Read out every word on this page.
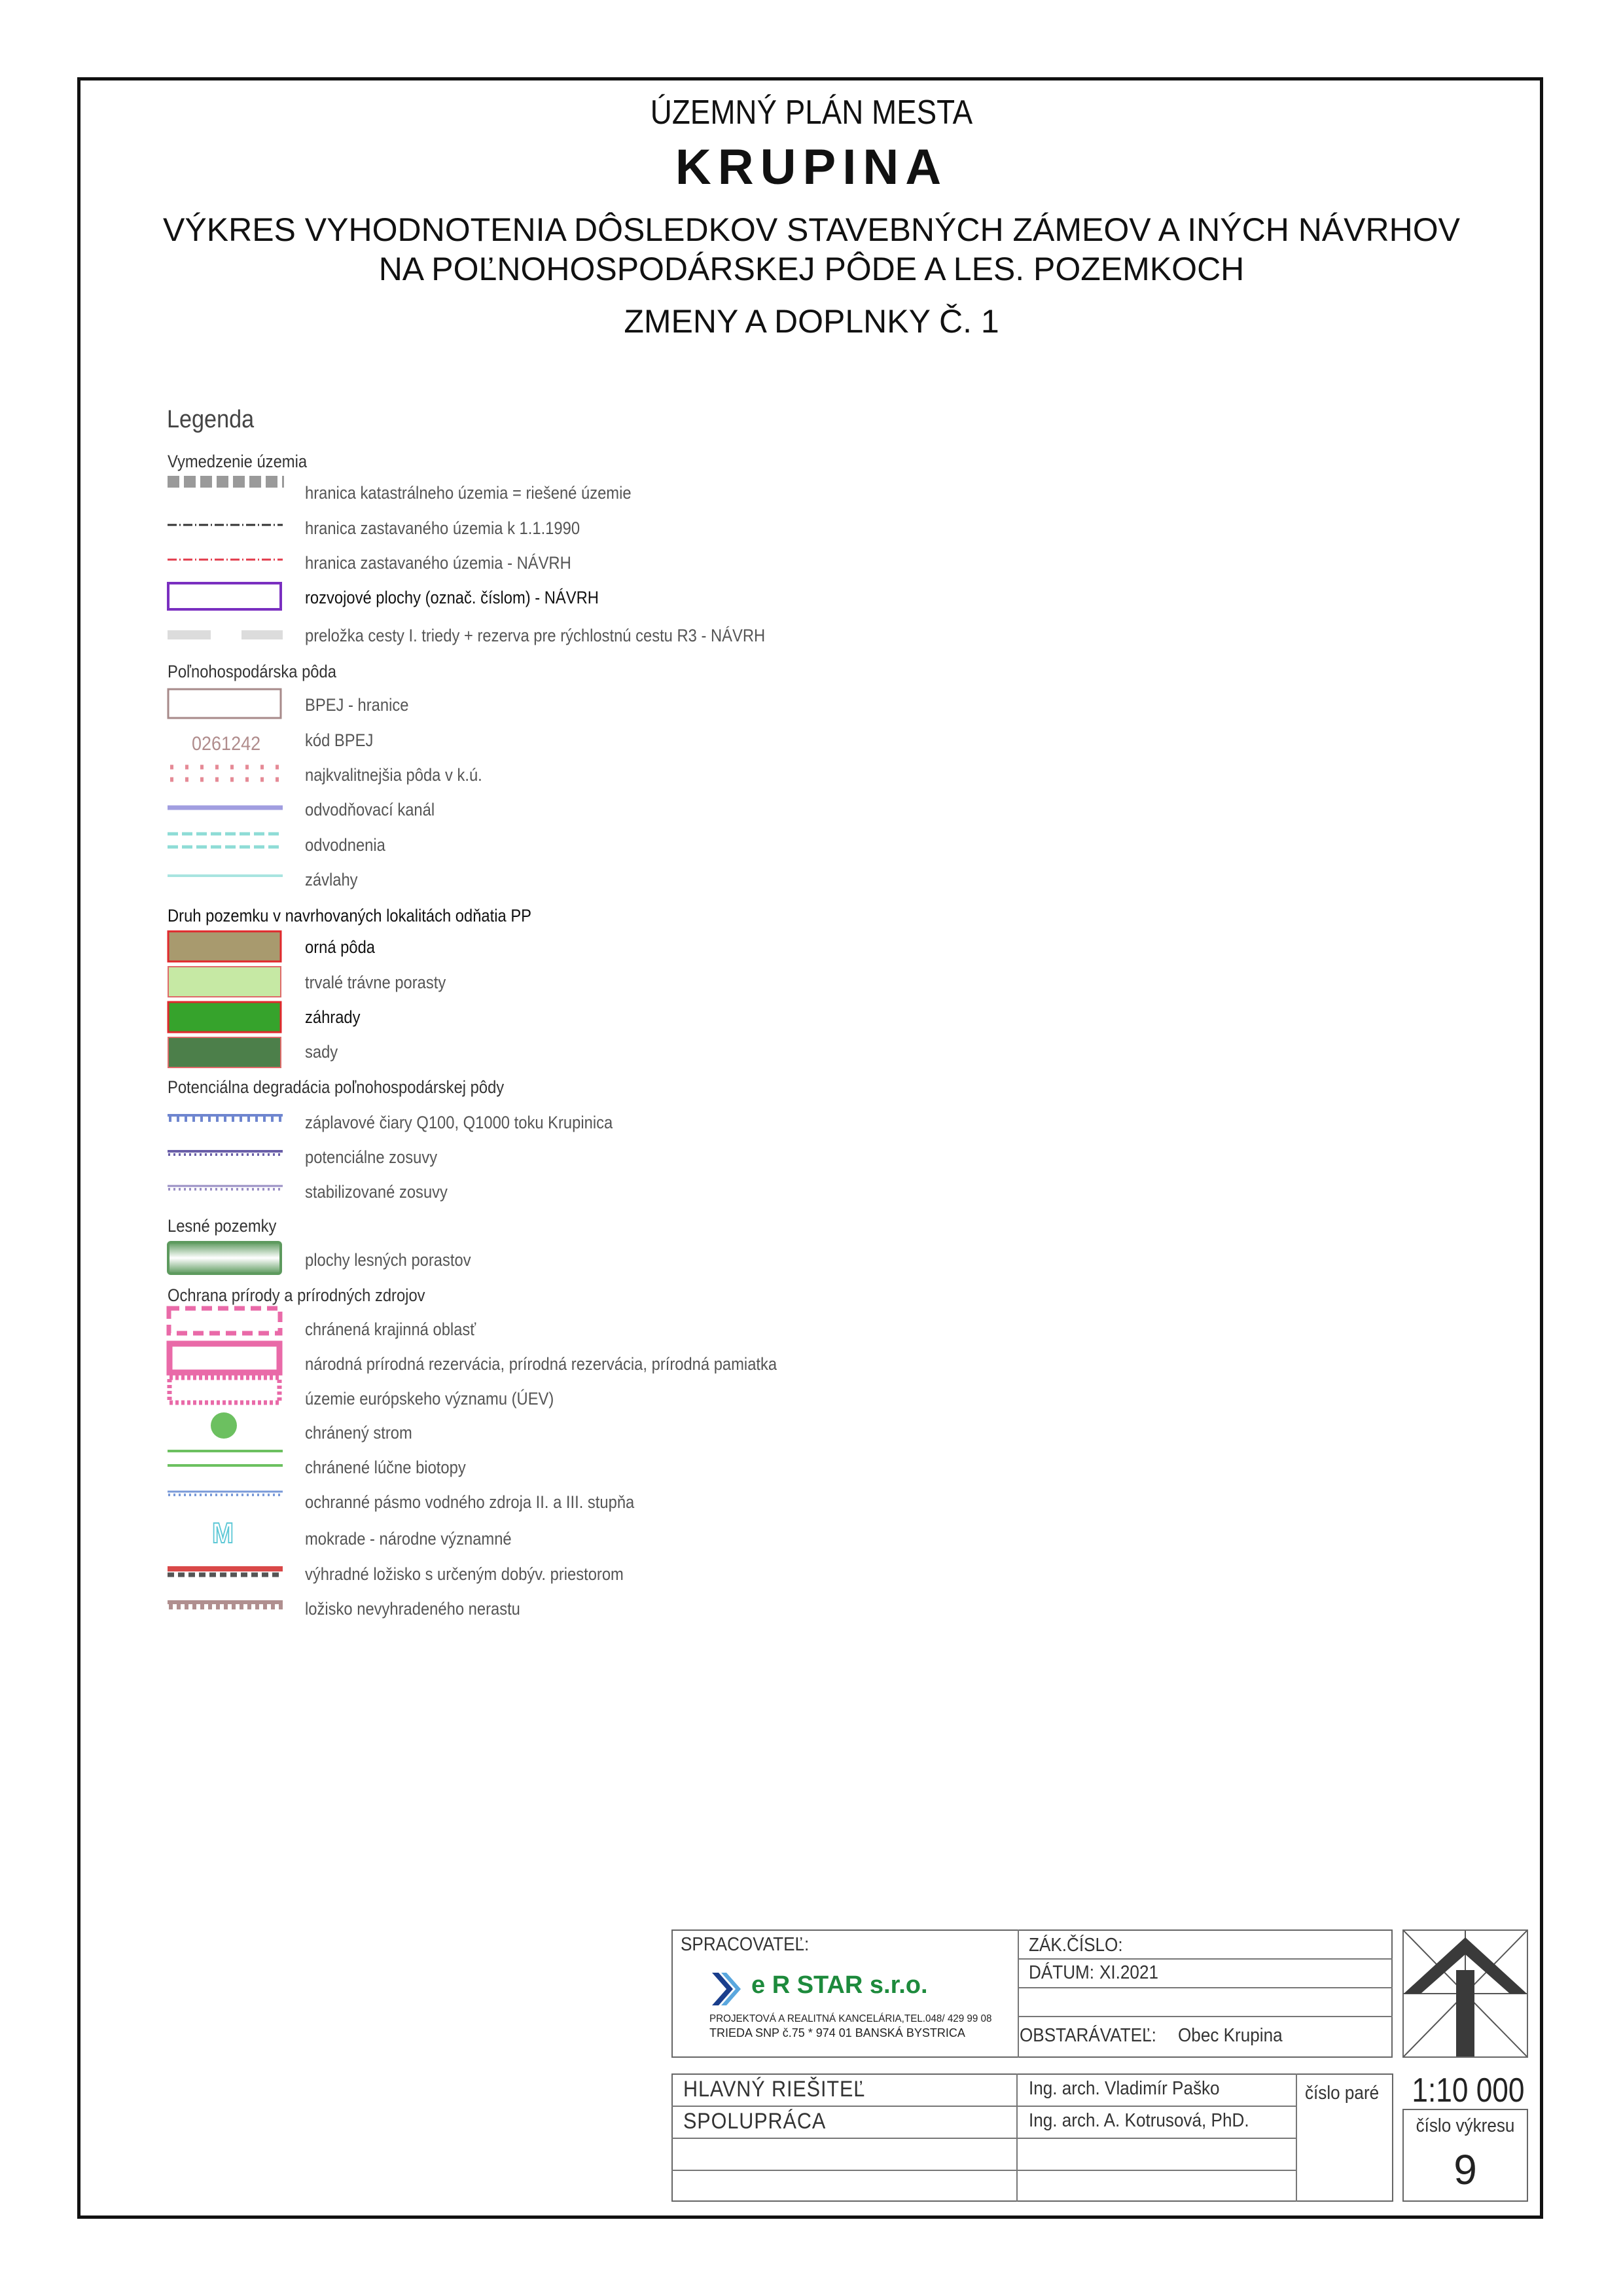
ÚZEMNÝ PLÁN MESTA
KRUPINA
VÝKRES VYHODNOTENIA DÔSLEDKOV STAVEBNÝCH ZÁMEOV A INÝCH NÁVRHOV
NA POĽNOHOSPODÁRSKEJ PÔDE A LES. POZEMKOCH
ZMENY A DOPLNKY Č. 1
Legenda
Vymedzenie územia
hranica katastrálneho územia = riešené územie
hranica zastavaného územia k 1.1.1990
hranica zastavaného územia - NÁVRH
rozvojové plochy (označ. číslom) - NÁVRH
preložka cesty I. triedy + rezerva pre rýchlostnú cestu R3 - NÁVRH
Poľnohospodárska pôda
BPEJ - hranice
0261242	kód BPEJ
najkvalitnejšia pôda v k.ú.
odvodňovací kanál
odvodnenia
závlahy
Druh pozemku v navrhovaných lokalitách odňatia PP
orná pôda
trvalé trávne porasty
záhrady
sady
Potenciálna degradácia poľnohospodárskej pôdy
záplavové čiary Q100, Q1000 toku Krupinica
potenciálne zosuvy
stabilizované zosuvy
Lesné pozemky
plochy lesných porastov
Ochrana prírody a prírodných zdrojov
chránená krajinná oblasť
národná prírodná rezervácia, prírodná rezervácia, prírodná pamiatka
územie európskeho významu (ÚEV)
chránený strom
chránené lúčne biotopy
ochranné pásmo vodného zdroja II. a III. stupňa
M	mokrade - národne významné
výhradné ložisko s určeným dobýv. priestorom
ložisko nevyhradeného nerastu
SPRACOVATEĽ:
e R STAR s.r.o.
PROJEKTOVÁ A REALITNÁ KANCELÁRIA,TEL.048/ 429 99 08
TRIEDA SNP č.75 * 974 01 BANSKÁ BYSTRICA
ZÁK.ČÍSLO:
DÁTUM: XI.2021
OBSTARÁVATEĽ: Obec Krupina
HLAVNÝ RIEŠITEĽ	Ing. arch. Vladimír Paško
SPOLUPRÁCA	Ing. arch. A. Kotrusová, PhD.
číslo paré 1:10 000
číslo výkresu
9
